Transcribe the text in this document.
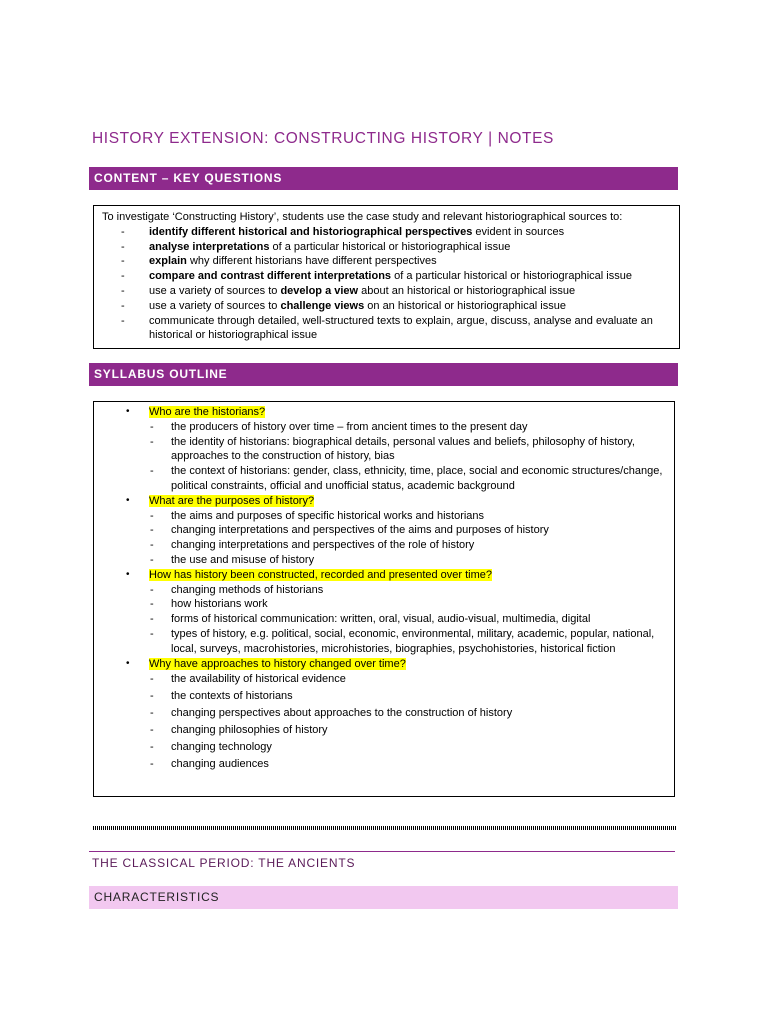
HISTORY EXTENSION: CONSTRUCTING HISTORY | NOTES
CONTENT – KEY QUESTIONS

To investigate ‘Constructing History’, students use the case study and relevant historiographical sources to:

- identify different historical and historiographical perspectives evident in sources
- analyse interpretations of a particular historical or historiographical issue
- explain why different historians have different perspectives
- compare and contrast different interpretations of a particular historical or historiographical issue
- use a variety of sources to develop a view about an historical or historiographical issue
- use a variety of sources to challenge views on an historical or historiographical issue
- communicate through detailed, well-structured texts to explain, argue, discuss, analyse and evaluate an historical or historiographical issue
SYLLABUS OUTLINE
• Who are the historians?
- the producers of history over time – from ancient times to the present day
- the identity of historians: biographical details, personal values and beliefs, philosophy of history, approaches to the construction of history, bias
- the context of historians: gender, class, ethnicity, time, place, social and economic structures/change, political constraints, official and unofficial status, academic background
• What are the purposes of history?
- the aims and purposes of specific historical works and historians
- changing interpretations and perspectives of the aims and purposes of history
- changing interpretations and perspectives of the role of history
- the use and misuse of history
• How has history been constructed, recorded and presented over time?
- changing methods of historians
- how historians work
- forms of historical communication: written, oral, visual, audio-visual, multimedia, digital
- types of history, e.g. political, social, economic, environmental, military, academic, popular, national, local, surveys, macrohistories, microhistories, biographies, psychohistories, historical fiction
• Why have approaches to history changed over time?
- the availability of historical evidence
- the contexts of historians
- changing perspectives about approaches to the construction of history
- changing philosophies of history
- changing technology
- changing audiences
THE CLASSICAL PERIOD: THE ANCIENTS
CHARACTERISTICS
